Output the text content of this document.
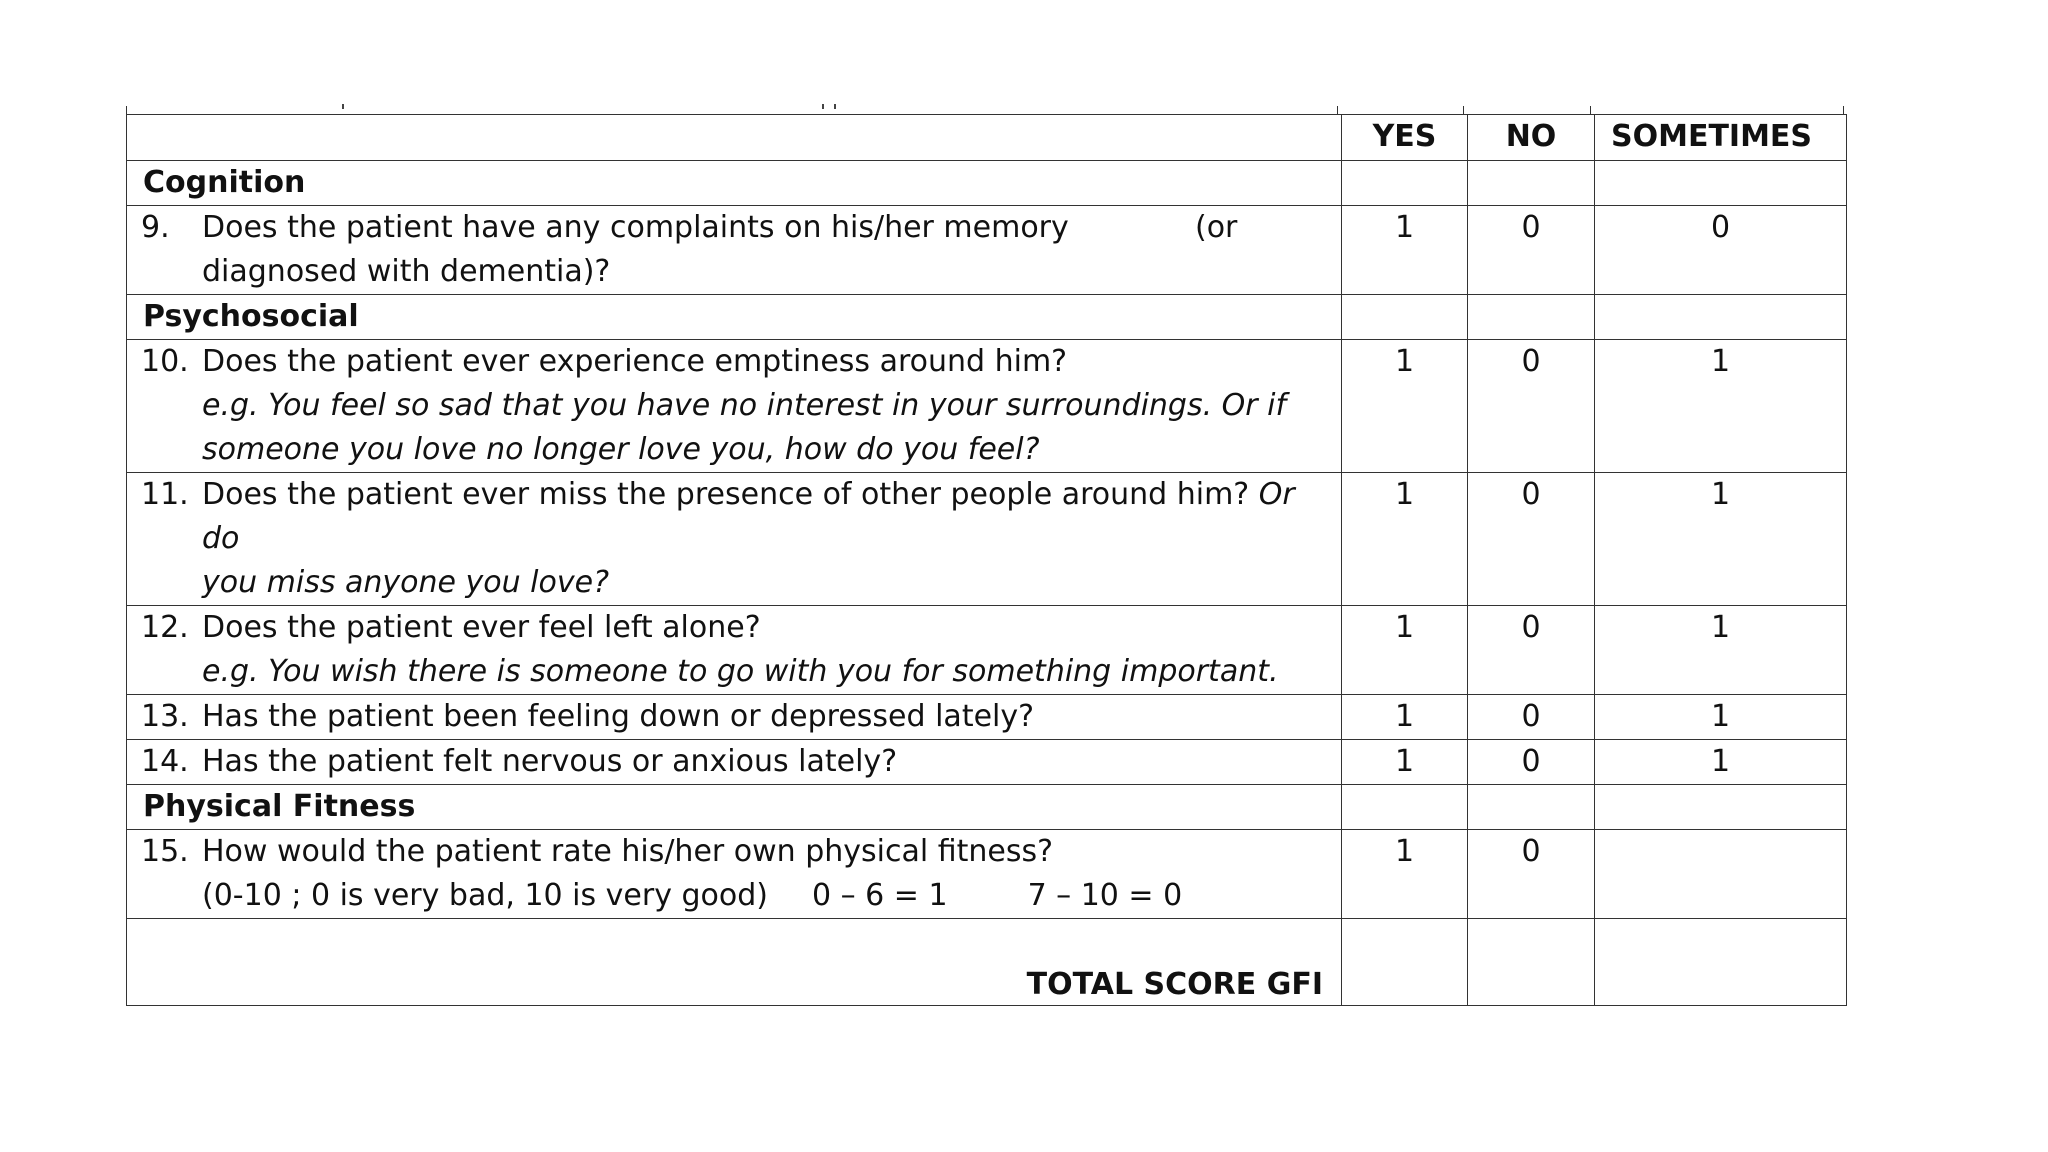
	YES	NO	SOMETIMES
Cognition			

9. Does the patient have any complaints on his/her memory (or
diagnosed with dementia)?	1	0	0
Psychosocial			

10. Does the patient ever experience emptiness around him?
e.g. You feel so sad that you have no interest in your surroundings. Or if
someone you love no longer love you, how do you feel?	1	0	1

11. Does the patient ever miss the presence of other people around him? Or do
you miss anyone you love?	1	0	1

12. Does the patient ever feel left alone?
e.g. You wish there is someone to go with you for something important.	1	0	1

13. Has the patient been feeling down or depressed lately?	1	0	1

14. Has the patient felt nervous or anxious lately?	1	0	1
Physical Fitness			

15. How would the patient rate his/her own physical fitness?
(0-10 ; 0 is very bad, 10 is very good) 0 – 6 = 1 7 – 10 = 0	1	0	
TOTAL SCORE GFI			
